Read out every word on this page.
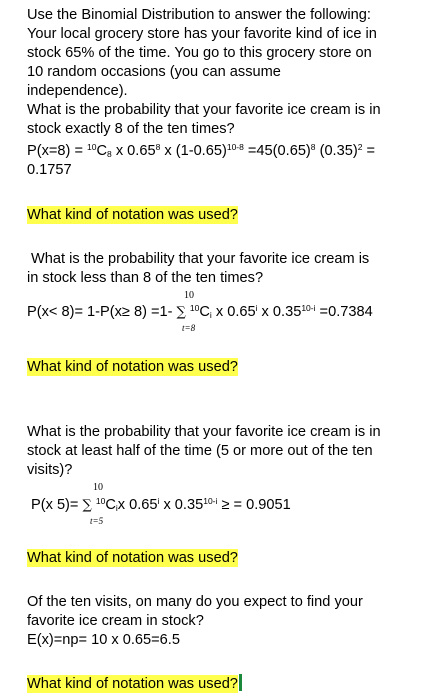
Use the Binomial Distribution to answer the following:
Your local grocery store has your favorite kind of ice in
stock 65% of the time. You go to this grocery store on
10 random occasions (you can assume
independence).
What is the probability that your favorite ice cream is in
stock exactly 8 of the ten times?
$P(x=8) = ^{10}C_8$ x 0.65$^8$ x $(1-0.65)^{10-8} =45(0.65)^8$ $(0.35)^2$ =
0.1757
What kind of notation was used?
What is the probability that your favorite ice cream is
in stock less than 8 of the ten times?
10
P(x< 8)= 1-P(x≥ 8) =1- ∑ $^{10}C_i$ x 0.65$^i$ x $0.35^{10-i} =0.7384$
t=8
What kind of notation was used?
What is the probability that your favorite ice cream is in
stock at least half of the time (5 or more out of the ten
visits)?
10
P(x 5)= ∑ $^{10}C_ix$ 0.65$^i$ x $0.35^{10-i}$ ≥ = 0.9051
t=5
What kind of notation was used?
Of the ten visits, on many do you expect to find your
favorite ice cream in stock?
E(x)=np= 10 x 0.65=6.5
What kind of notation was used?
